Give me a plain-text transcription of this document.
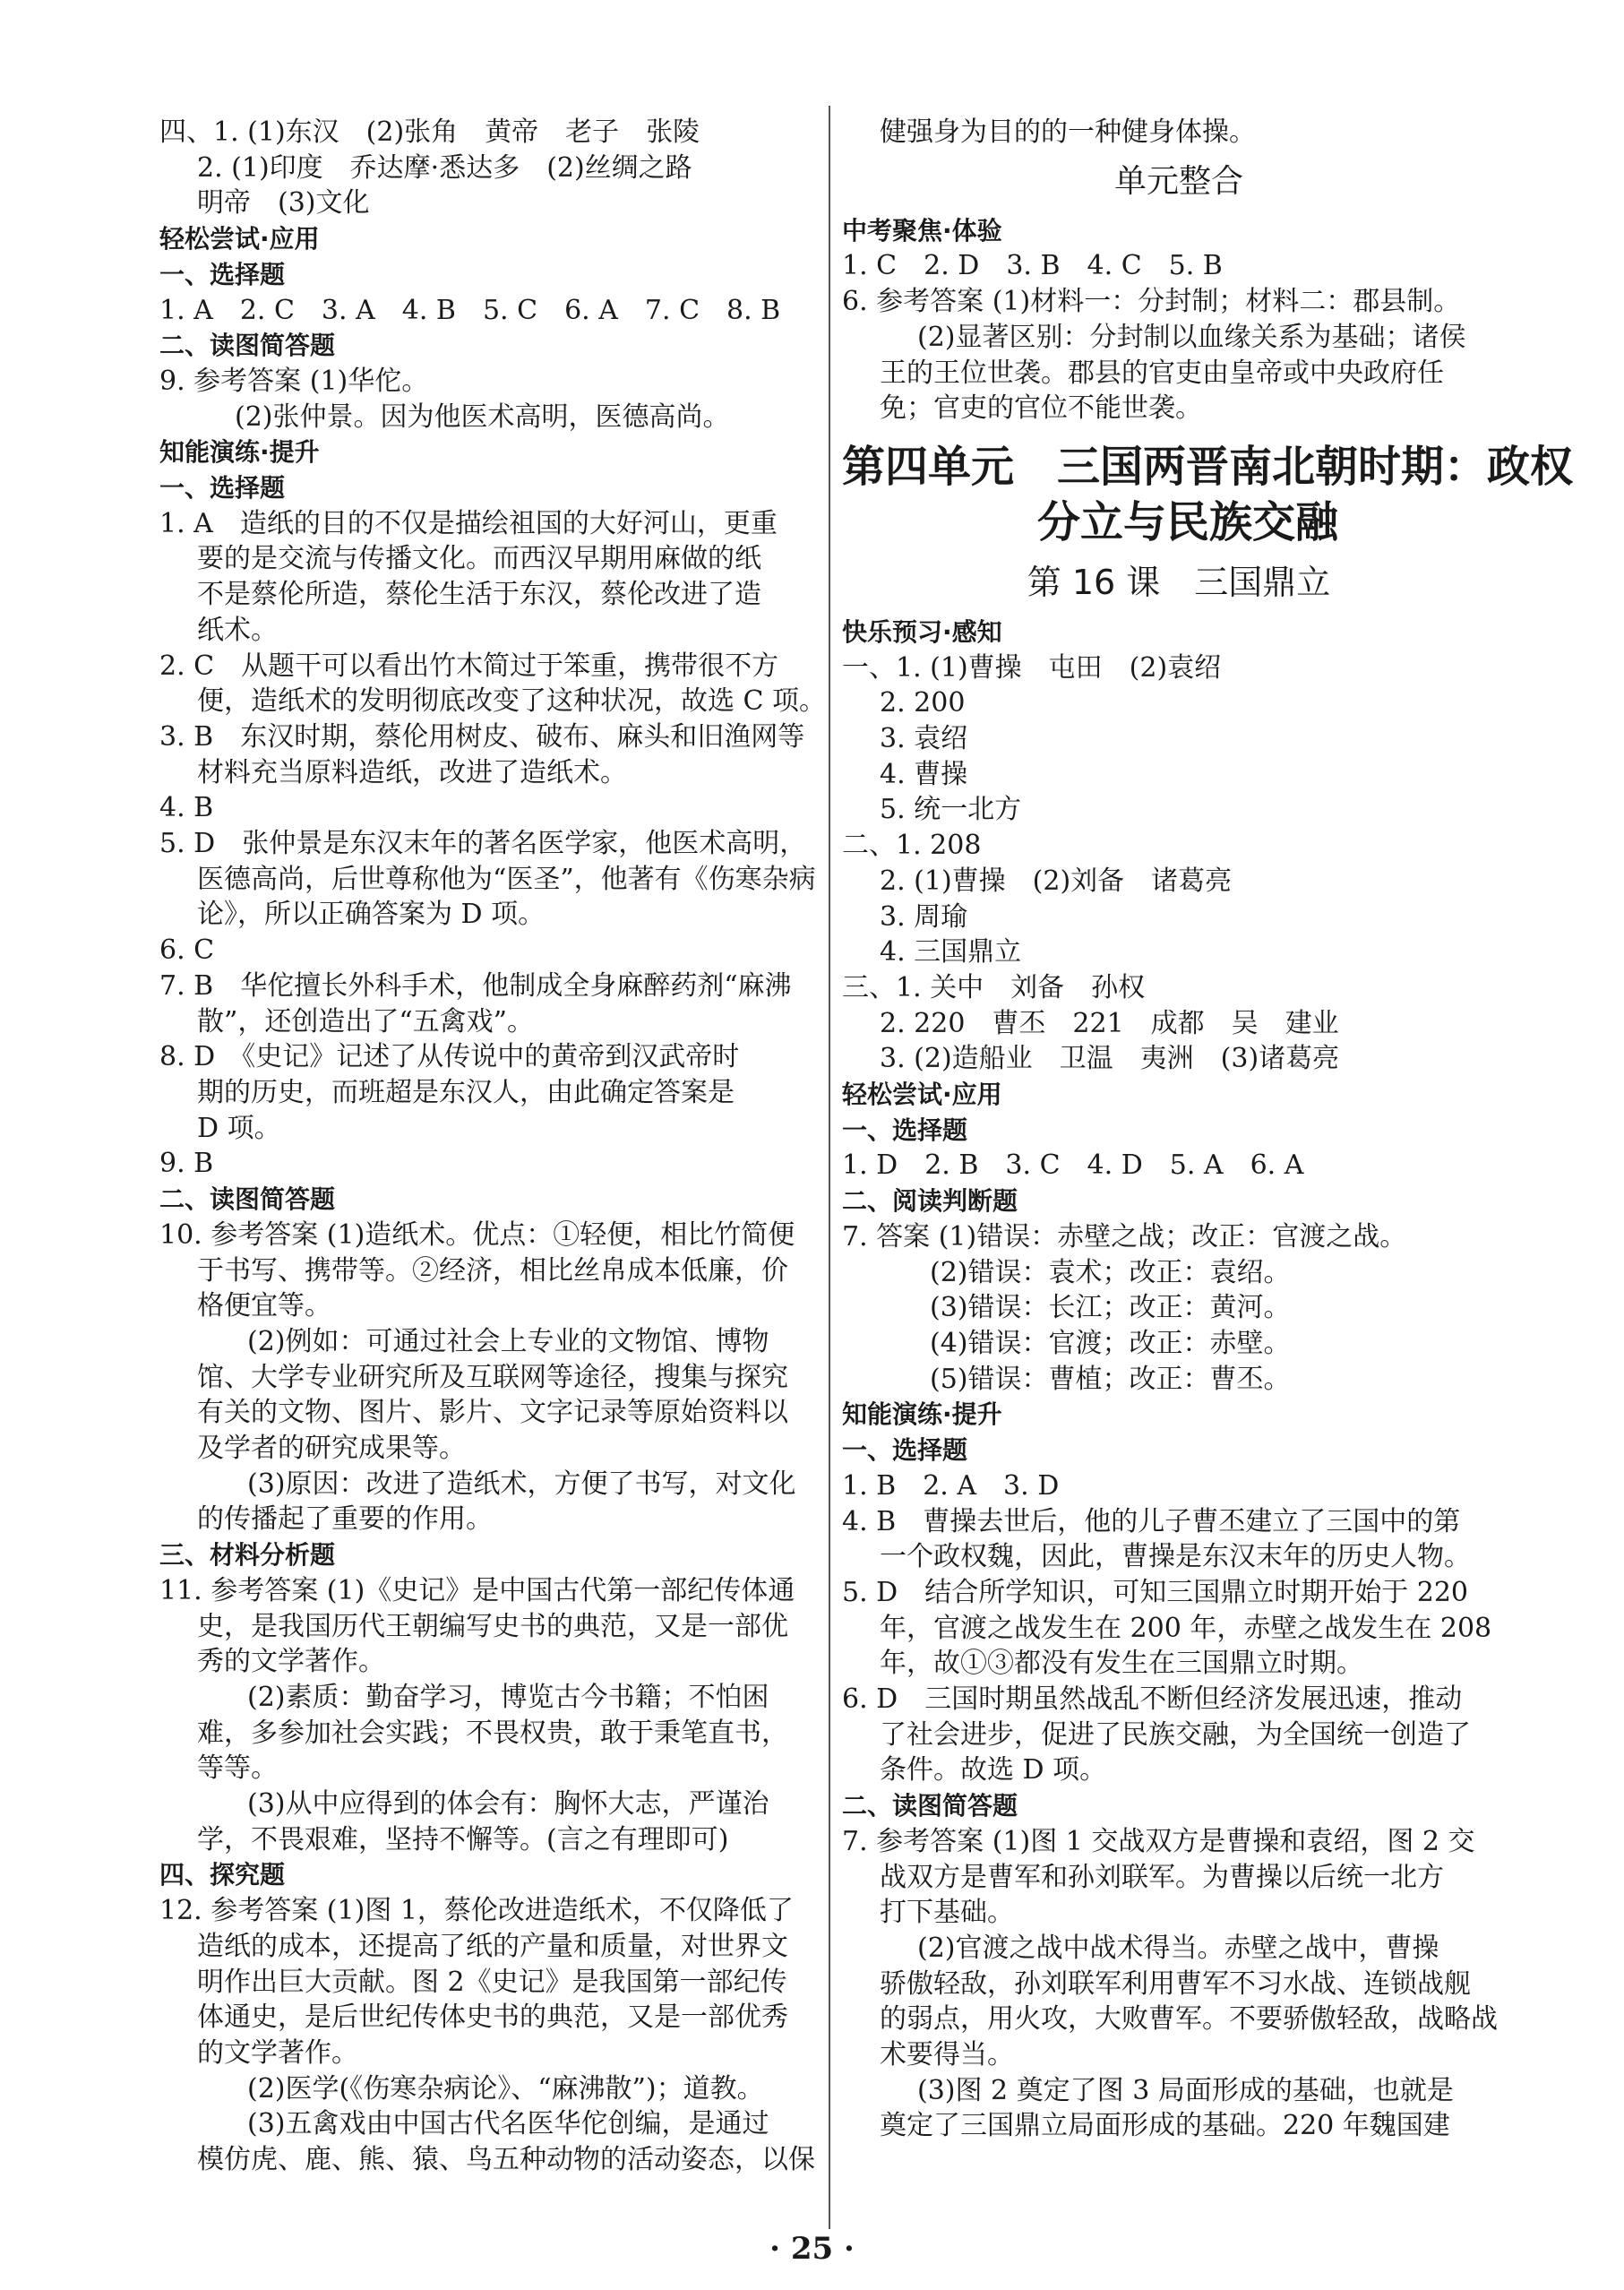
四、1. (1)东汉　(2)张角　黄帝　老子　张陵
2. (1)印度　乔达摩·悉达多　(2)丝绸之路
明帝　(3)文化
轻松尝试·应用
一、选择题
1. A　2. C　3. A　4. B　5. C　6. A　7. C　8. B
二、读图简答题
9. 参考答案 (1)华佗。
(2)张仲景。因为他医术高明，医德高尚。
知能演练·提升
一、选择题
1. A　造纸的目的不仅是描绘祖国的大好河山，更重
要的是交流与传播文化。而西汉早期用麻做的纸
不是蔡伦所造，蔡伦生活于东汉，蔡伦改进了造
纸术。
2. C　从题干可以看出竹木简过于笨重，携带很不方
便，造纸术的发明彻底改变了这种状况，故选 C 项。
3. B　东汉时期，蔡伦用树皮、破布、麻头和旧渔网等
材料充当原料造纸，改进了造纸术。
4. B
5. D　张仲景是东汉末年的著名医学家，他医术高明，
医德高尚，后世尊称他为“医圣”，他著有《伤寒杂病
论》，所以正确答案为 D 项。
6. C
7. B　华佗擅长外科手术，他制成全身麻醉药剂“麻沸
散”，还创造出了“五禽戏”。
8. D　《史记》记述了从传说中的黄帝到汉武帝时
期的历史，而班超是东汉人，由此确定答案是
D 项。
9. B
二、读图简答题
10. 参考答案 (1)造纸术。优点：①轻便，相比竹简便
于书写、携带等。②经济，相比丝帛成本低廉，价
格便宜等。
(2)例如：可通过社会上专业的文物馆、博物
馆、大学专业研究所及互联网等途径，搜集与探究
有关的文物、图片、影片、文字记录等原始资料以
及学者的研究成果等。
(3)原因：改进了造纸术，方便了书写，对文化
的传播起了重要的作用。
三、材料分析题
11. 参考答案 (1)《史记》是中国古代第一部纪传体通
史，是我国历代王朝编写史书的典范，又是一部优
秀的文学著作。
(2)素质：勤奋学习，博览古今书籍；不怕困
难，多参加社会实践；不畏权贵，敢于秉笔直书，
等等。
(3)从中应得到的体会有：胸怀大志，严谨治
学，不畏艰难，坚持不懈等。(言之有理即可)
四、探究题
12. 参考答案 (1)图 1，蔡伦改进造纸术，不仅降低了
造纸的成本，还提高了纸的产量和质量，对世界文
明作出巨大贡献。图 2《史记》是我国第一部纪传
体通史，是后世纪传体史书的典范，又是一部优秀
的文学著作。
(2)医学(《伤寒杂病论》、“麻沸散”)；道教。
(3)五禽戏由中国古代名医华佗创编，是通过
模仿虎、鹿、熊、猿、鸟五种动物的活动姿态，以保
健强身为目的的一种健身体操。
单元整合
中考聚焦·体验
1. C　2. D　3. B　4. C　5. B
6. 参考答案 (1)材料一：分封制；材料二：郡县制。
(2)显著区别：分封制以血缘关系为基础；诸侯
王的王位世袭。郡县的官吏由皇帝或中央政府任
免；官吏的官位不能世袭。
第四单元　三国两晋南北朝时期：政权
分立与民族交融
第 16 课　三国鼎立
快乐预习·感知
一、1. (1)曹操　屯田　(2)袁绍
2. 200
3. 袁绍
4. 曹操
5. 统一北方
二、1. 208
2. (1)曹操　(2)刘备　诸葛亮
3. 周瑜
4. 三国鼎立
三、1. 关中　刘备　孙权
2. 220　曹丕　221　成都　吴　建业
3. (2)造船业　卫温　夷洲　(3)诸葛亮
轻松尝试·应用
一、选择题
1. D　2. B　3. C　4. D　5. A　6. A
二、阅读判断题
7. 答案 (1)错误：赤壁之战；改正：官渡之战。
(2)错误：袁术；改正：袁绍。
(3)错误：长江；改正：黄河。
(4)错误：官渡；改正：赤壁。
(5)错误：曹植；改正：曹丕。
知能演练·提升
一、选择题
1. B　2. A　3. D
4. B　曹操去世后，他的儿子曹丕建立了三国中的第
一个政权魏，因此，曹操是东汉末年的历史人物。
5. D　结合所学知识，可知三国鼎立时期开始于 220
年，官渡之战发生在 200 年，赤壁之战发生在 208
年，故①③都没有发生在三国鼎立时期。
6. D　三国时期虽然战乱不断但经济发展迅速，推动
了社会进步，促进了民族交融，为全国统一创造了
条件。故选 D 项。
二、读图简答题
7. 参考答案 (1)图 1 交战双方是曹操和袁绍，图 2 交
战双方是曹军和孙刘联军。为曹操以后统一北方
打下基础。
(2)官渡之战中战术得当。赤壁之战中，曹操
骄傲轻敌，孙刘联军利用曹军不习水战、连锁战舰
的弱点，用火攻，大败曹军。不要骄傲轻敌，战略战
术要得当。
(3)图 2 奠定了图 3 局面形成的基础，也就是
奠定了三国鼎立局面形成的基础。220 年魏国建
· 25 ·
